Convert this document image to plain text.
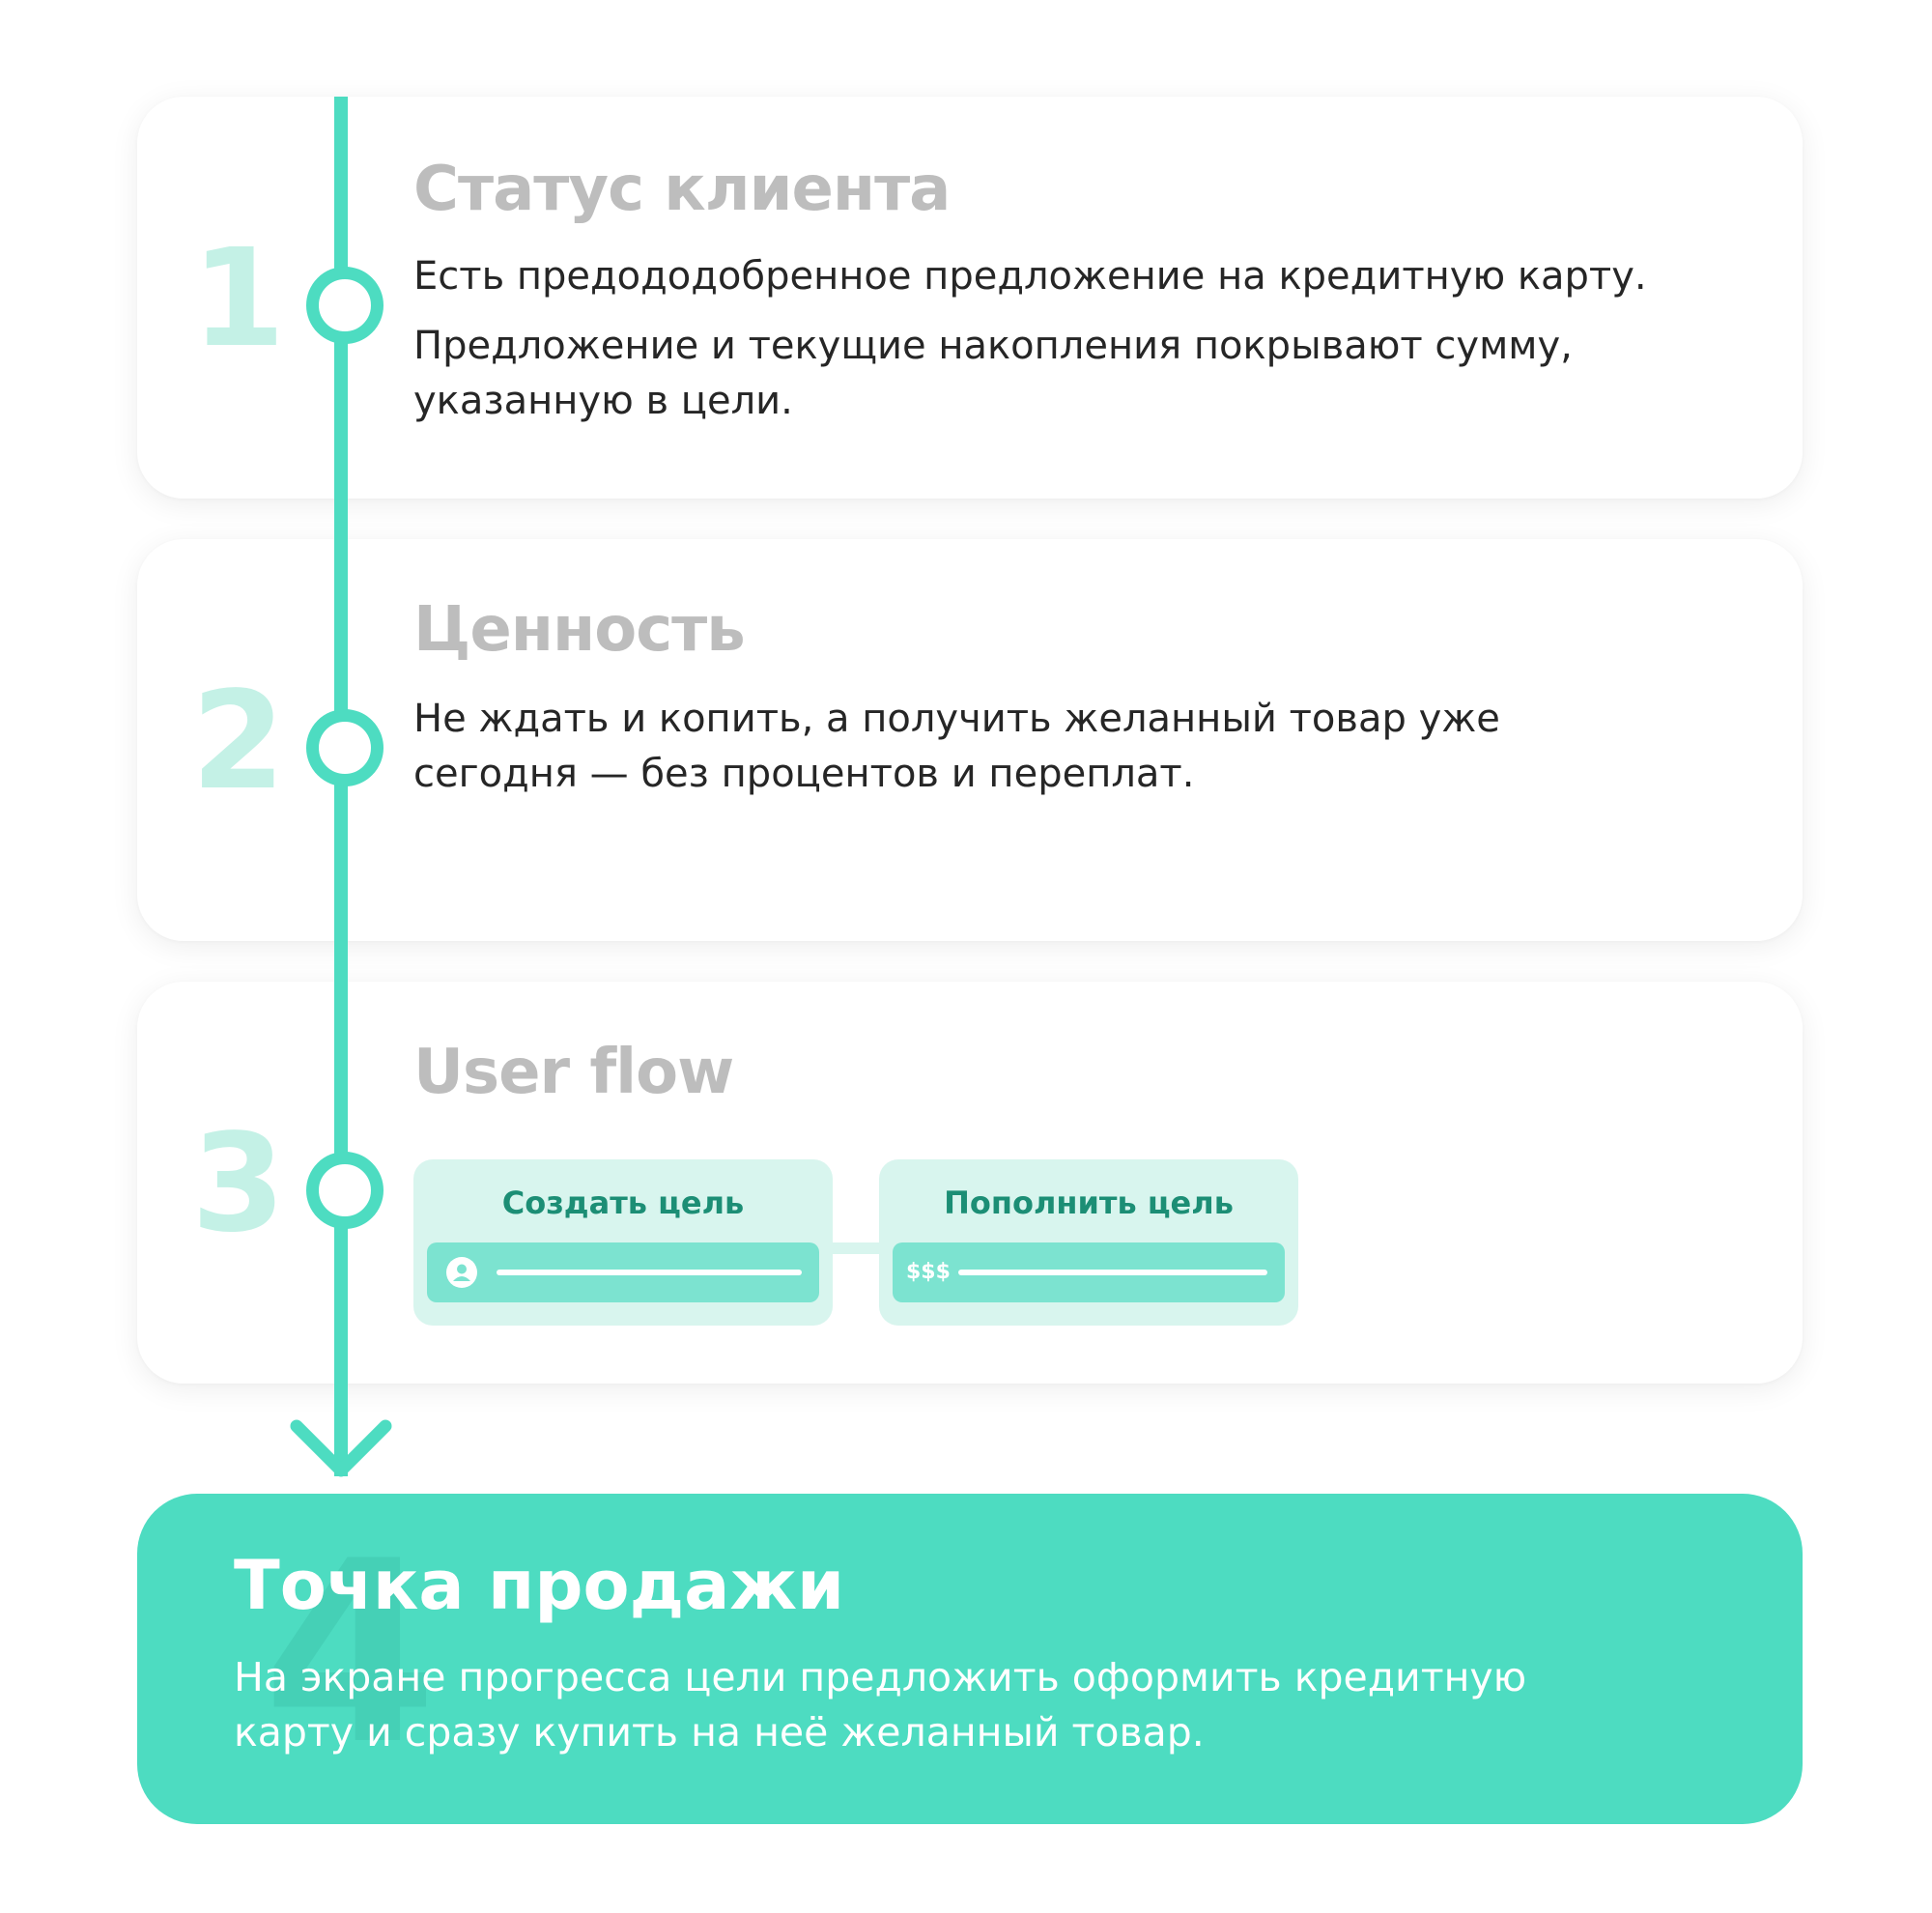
1
2
3
Статус клиента

Есть предододобренное предложение на кредитную карту.

Предложение и текущие накопления покрывают сумму,
указанную в цели.

Ценность

Не ждать и копить, а получить желанный товар уже
сегодня — без процентов и переплат.

User flow
Создать цель	Пополнить цель
$$$
4
Точка продажи

На экране прогресса цели предложить оформить кредитную
карту и сразу купить на неё желанный товар.
